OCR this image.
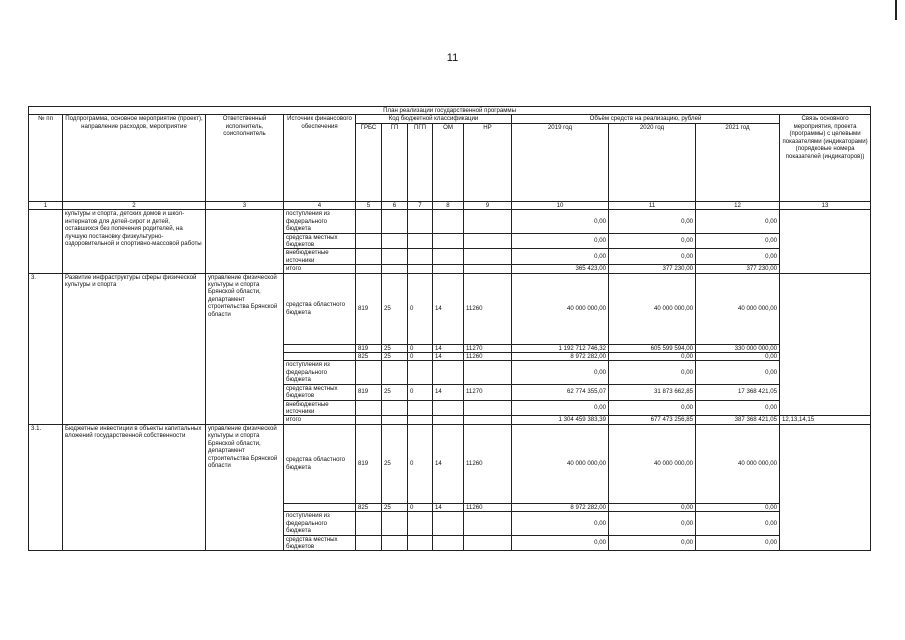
11
План реализации государственной программы												
№ пп	Подпрограмма, основное мероприятие (проект), направление расходов, мероприятие	Ответственный исполнитель, соисполнитель	Источник финансового обеспечения	Код бюджетной классификации					Объём средств на реализацию, рублей			Связь основного мероприятия, проекта (программы) с целевыми показателями (индикаторами) (порядковые номера показателей (индикаторов))
				ГРБС	ГП	ПГП	ОМ	НР	2019 год	2020 год	2021 год	
1	2	3	4	5	6	7	8	9	10	11	12	13
	культуры и спорта, детских домов и школ-интернатов для детей-сирот и детей, оставшихся без попечения родителей, на лучшую постановку физкультурно-оздоровительной и спортивно-массовой работы		поступления из федерального бюджета						0,00	0,00	0,00	
			средства местных бюджетов						0,00	0,00	0,00	
			внебюджетные источники						0,00	0,00	0,00	
			итого						365 423,00	377 230,00	377 230,00	
3.	Развитие инфраструктуры сферы физической культуры и спорта	управление физической культуры и спорта Брянской области, департамент строительства Брянской области	средства областного бюджета	819	25	0	14	11260	40 000 000,00	40 000 000,00	40 000 000,00	
				819	25	0	14	11270	1 192 712 746,32	605 599 594,00	330 000 000,00	
				825	25	0	14	11260	8 972 282,00	0,00	0,00	
			поступления из федерального бюджета						0,00	0,00	0,00	
			средства местных бюджетов	819	25	0	14	11270	62 774 355,07	31 873 662,85	17 368 421,05	
			внебюджетные источники						0,00	0,00	0,00	
			итого						1 304 459 383,39	677 473 256,85	387 368 421,05	12,13,14,15
3.1.	Бюджетные инвестиции в объекты капитальных вложений государственной собственности	управление физической культуры и спорта Брянской области, департамент строительства Брянской области	средства областного бюджета	819	25	0	14	11260	40 000 000,00	40 000 000,00	40 000 000,00	
				825	25	0	14	11260	8 972 282,00	0,00	0,00	
			поступления из федерального бюджета						0,00	0,00	0,00	
			средства местных бюджетов						0,00	0,00	0,00	
